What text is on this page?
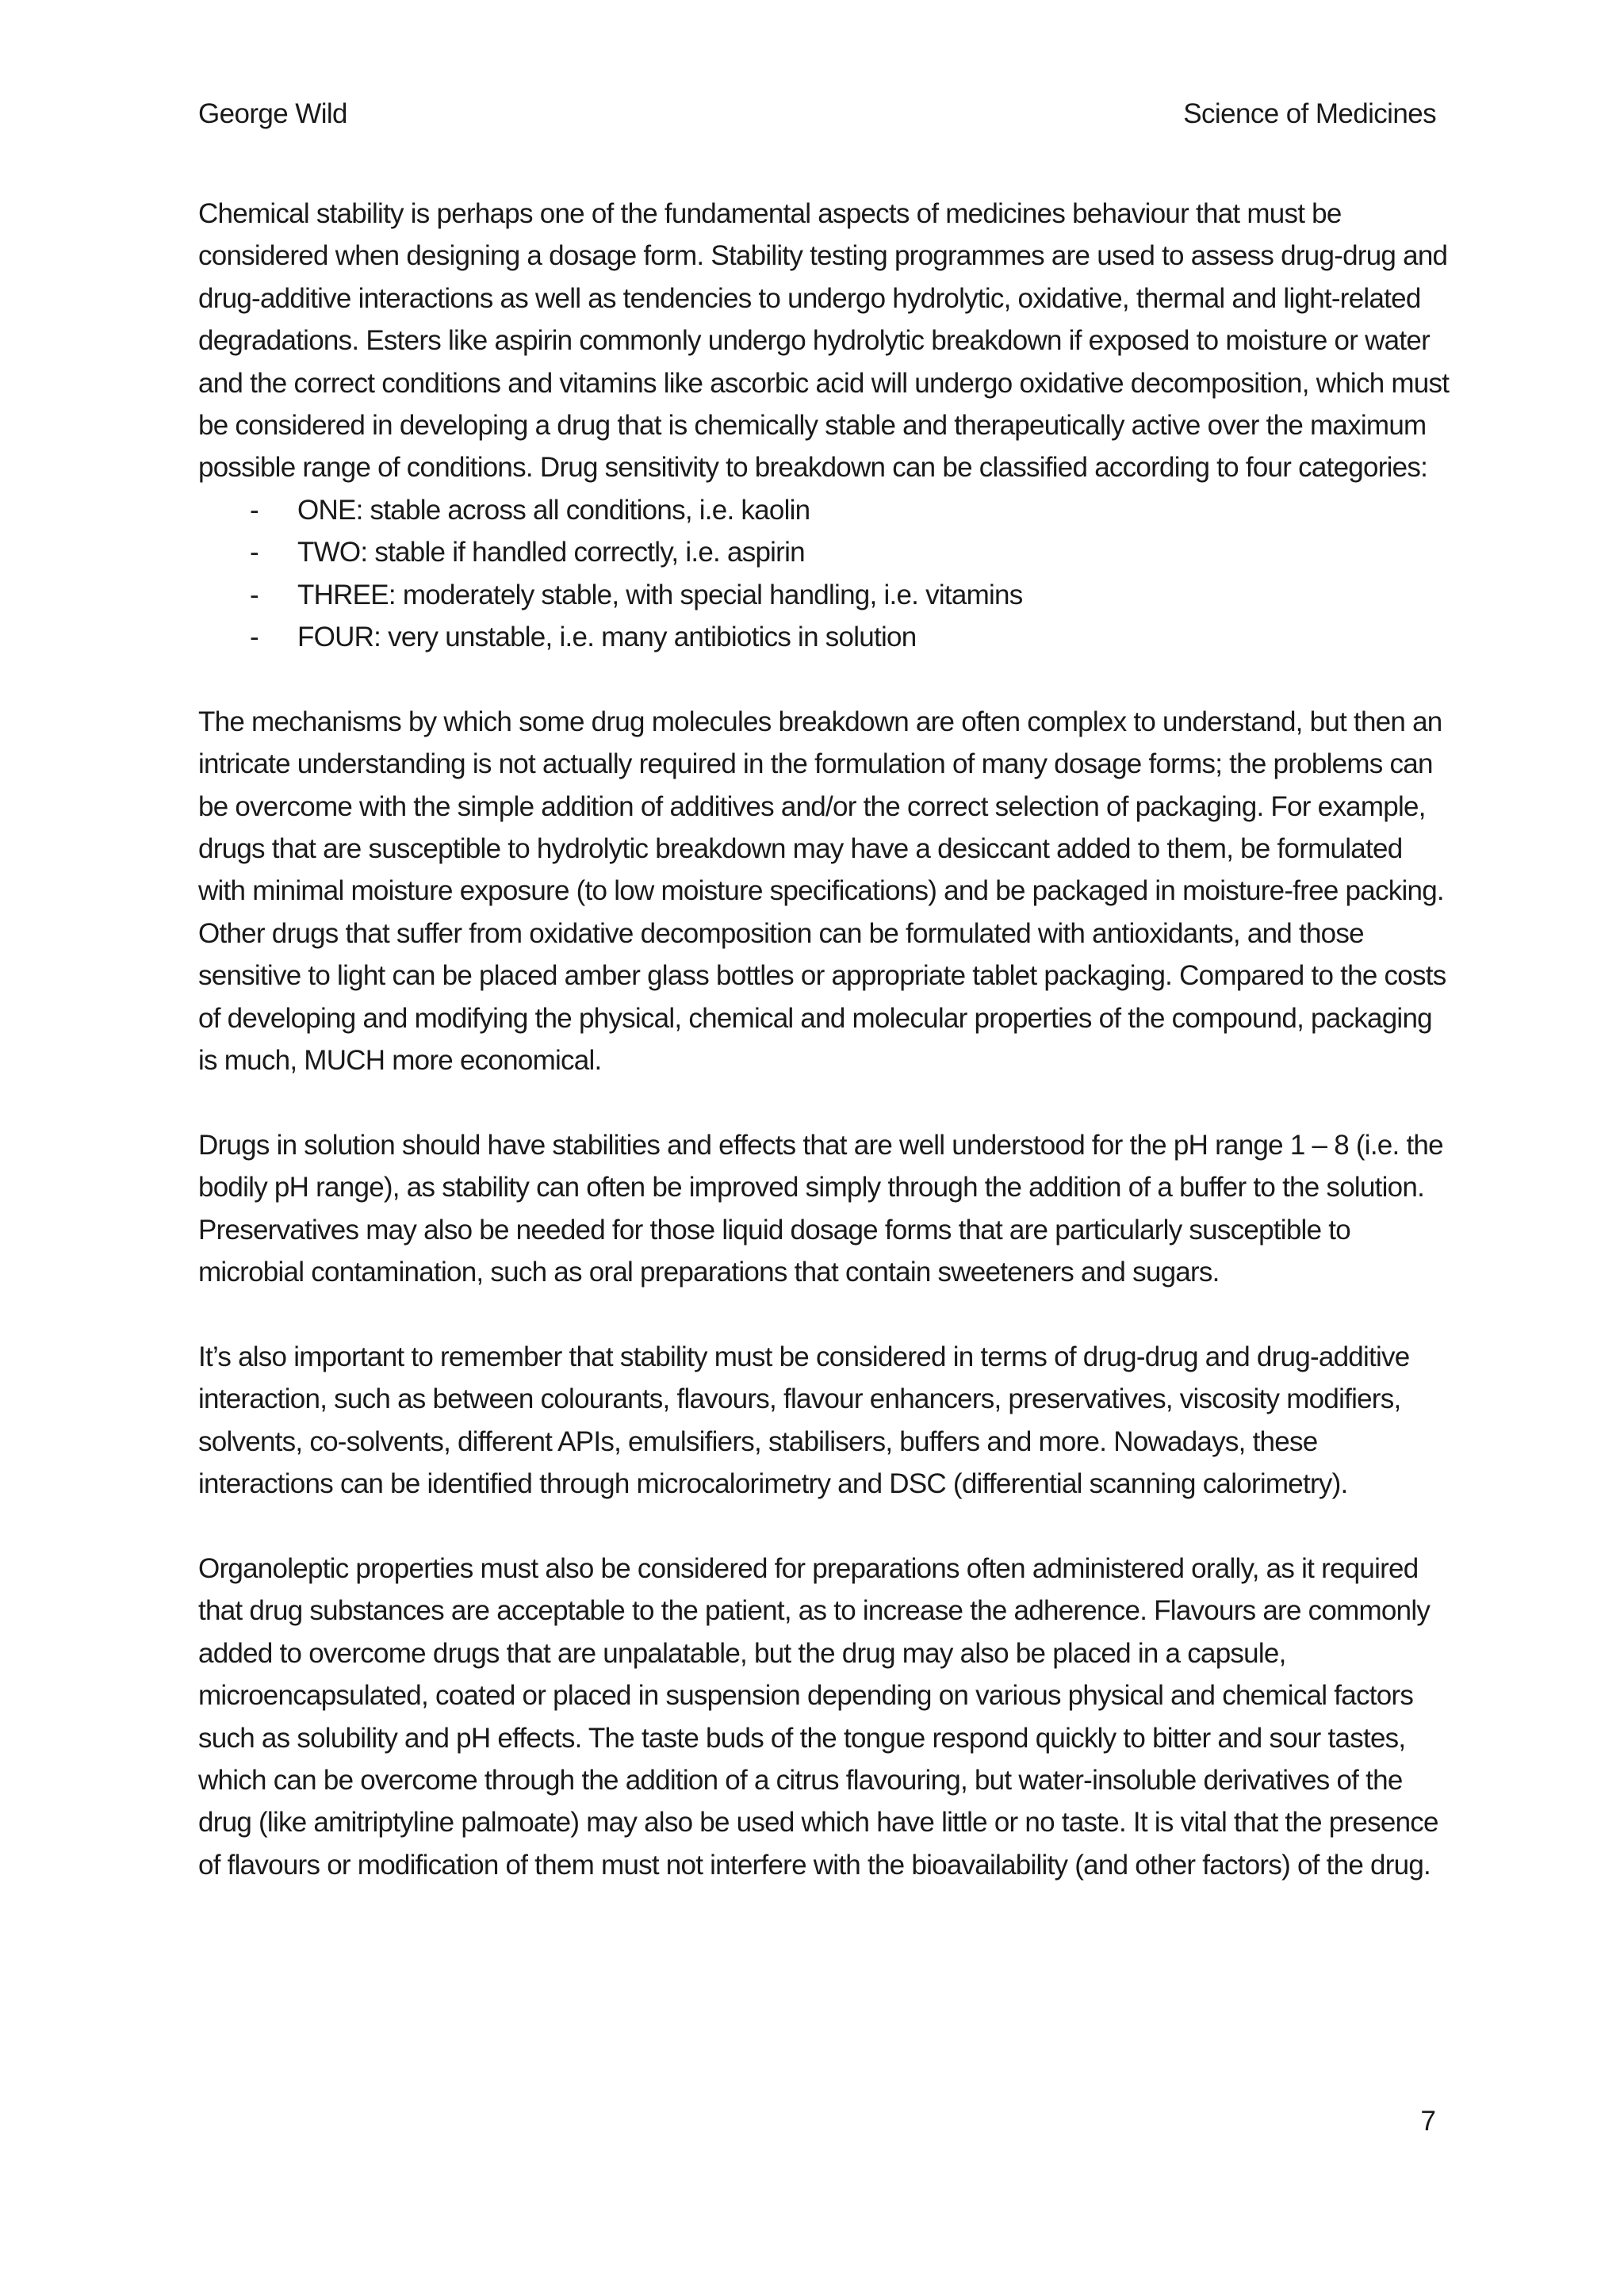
George Wild	Science of Medicines

Chemical stability is perhaps one of the fundamental aspects of medicines behaviour that must be considered when designing a dosage form. Stability testing programmes are used to assess drug-drug and drug-additive interactions as well as tendencies to undergo hydrolytic, oxidative, thermal and light-related degradations. Esters like aspirin commonly undergo hydrolytic breakdown if exposed to moisture or water and the correct conditions and vitamins like ascorbic acid will undergo oxidative decomposition, which must be considered in developing a drug that is chemically stable and therapeutically active over the maximum possible range of conditions. Drug sensitivity to breakdown can be classified according to four categories:

- ONE: stable across all conditions, i.e. kaolin
- TWO: stable if handled correctly, i.e. aspirin
- THREE: moderately stable, with special handling, i.e. vitamins
- FOUR: very unstable, i.e. many antibiotics in solution

The mechanisms by which some drug molecules breakdown are often complex to understand, but then an intricate understanding is not actually required in the formulation of many dosage forms; the problems can be overcome with the simple addition of additives and/or the correct selection of packaging. For example, drugs that are susceptible to hydrolytic breakdown may have a desiccant added to them, be formulated with minimal moisture exposure (to low moisture specifications) and be packaged in moisture-free packing. Other drugs that suffer from oxidative decomposition can be formulated with antioxidants, and those sensitive to light can be placed amber glass bottles or appropriate tablet packaging. Compared to the costs of developing and modifying the physical, chemical and molecular properties of the compound, packaging is much, MUCH more economical.

Drugs in solution should have stabilities and effects that are well understood for the pH range 1 – 8 (i.e. the bodily pH range), as stability can often be improved simply through the addition of a buffer to the solution. Preservatives may also be needed for those liquid dosage forms that are particularly susceptible to microbial contamination, such as oral preparations that contain sweeteners and sugars.

It’s also important to remember that stability must be considered in terms of drug-drug and drug-additive interaction, such as between colourants, flavours, flavour enhancers, preservatives, viscosity modifiers, solvents, co-solvents, different APIs, emulsifiers, stabilisers, buffers and more. Nowadays, these interactions can be identified through microcalorimetry and DSC (differential scanning calorimetry).

Organoleptic properties must also be considered for preparations often administered orally, as it required that drug substances are acceptable to the patient, as to increase the adherence. Flavours are commonly added to overcome drugs that are unpalatable, but the drug may also be placed in a capsule, microencapsulated, coated or placed in suspension depending on various physical and chemical factors such as solubility and pH effects. The taste buds of the tongue respond quickly to bitter and sour tastes, which can be overcome through the addition of a citrus flavouring, but water-insoluble derivatives of the drug (like amitriptyline palmoate) may also be used which have little or no taste. It is vital that the presence of flavours or modification of them must not interfere with the bioavailability (and other factors) of the drug.

7
